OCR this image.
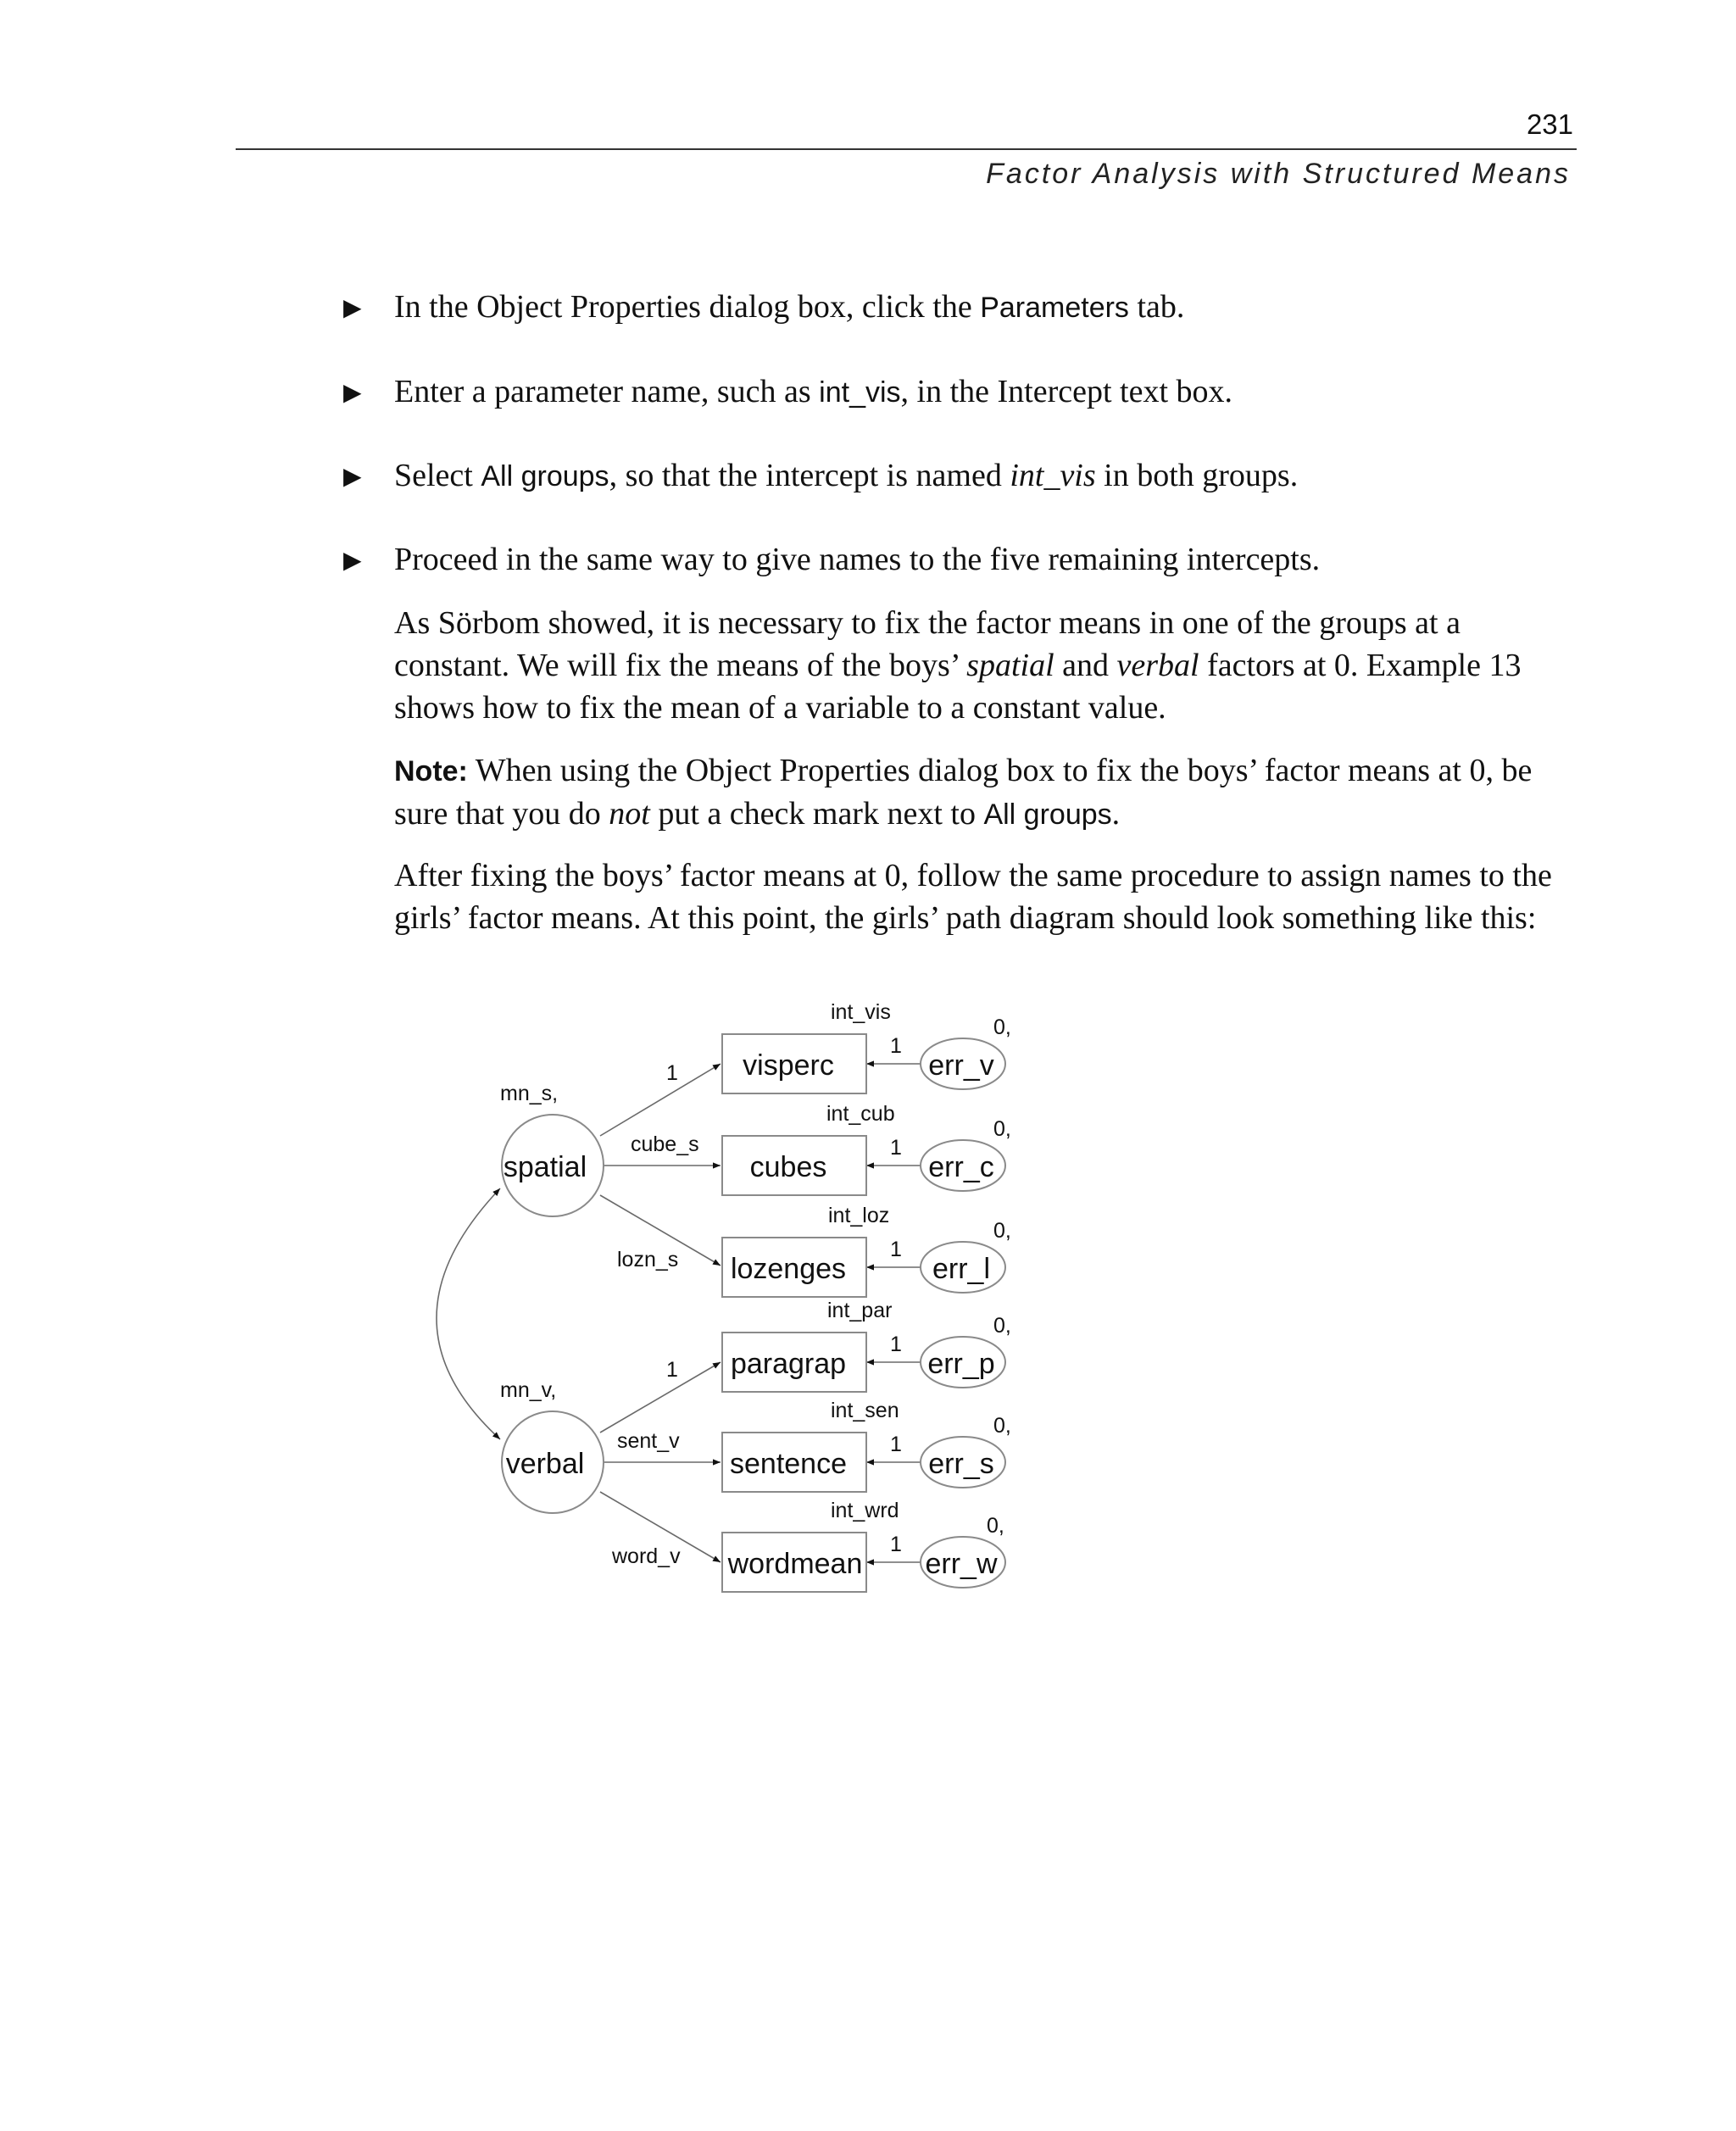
231
Factor Analysis with Structured Means
▶ In the Object Properties dialog box, click the Parameters tab.
▶ Enter a parameter name, such as int_vis, in the Intercept text box.
▶ Select All groups, so that the intercept is named int_vis in both groups.
▶ Proceed in the same way to give names to the five remaining intercepts.
As Sörbom showed, it is necessary to fix the factor means in one of the groups at a constant. We will fix the means of the boys’ spatial and verbal factors at 0. Example 13 shows how to fix the mean of a variable to a constant value.
Note: When using the Object Properties dialog box to fix the boys’ factor means at 0, be sure that you do not put a check mark next to All groups.
After fixing the boys’ factor means at 0, follow the same procedure to assign names to the girls’ factor means. At this point, the girls’ path diagram should look something like this:
spatial
verbal
mn_s,
mn_v,
visperc
cubes
lozenges
paragrap
sentence
wordmean
int_vis
int_cub
int_loz
int_par
int_sen
int_wrd
1
cube_s
lozn_s
1
sent_v
word_v
1
1
1
1
1
1
err_v
err_c
err_l
err_p
err_s
err_w
0,
0,
0,
0,
0,
0,
